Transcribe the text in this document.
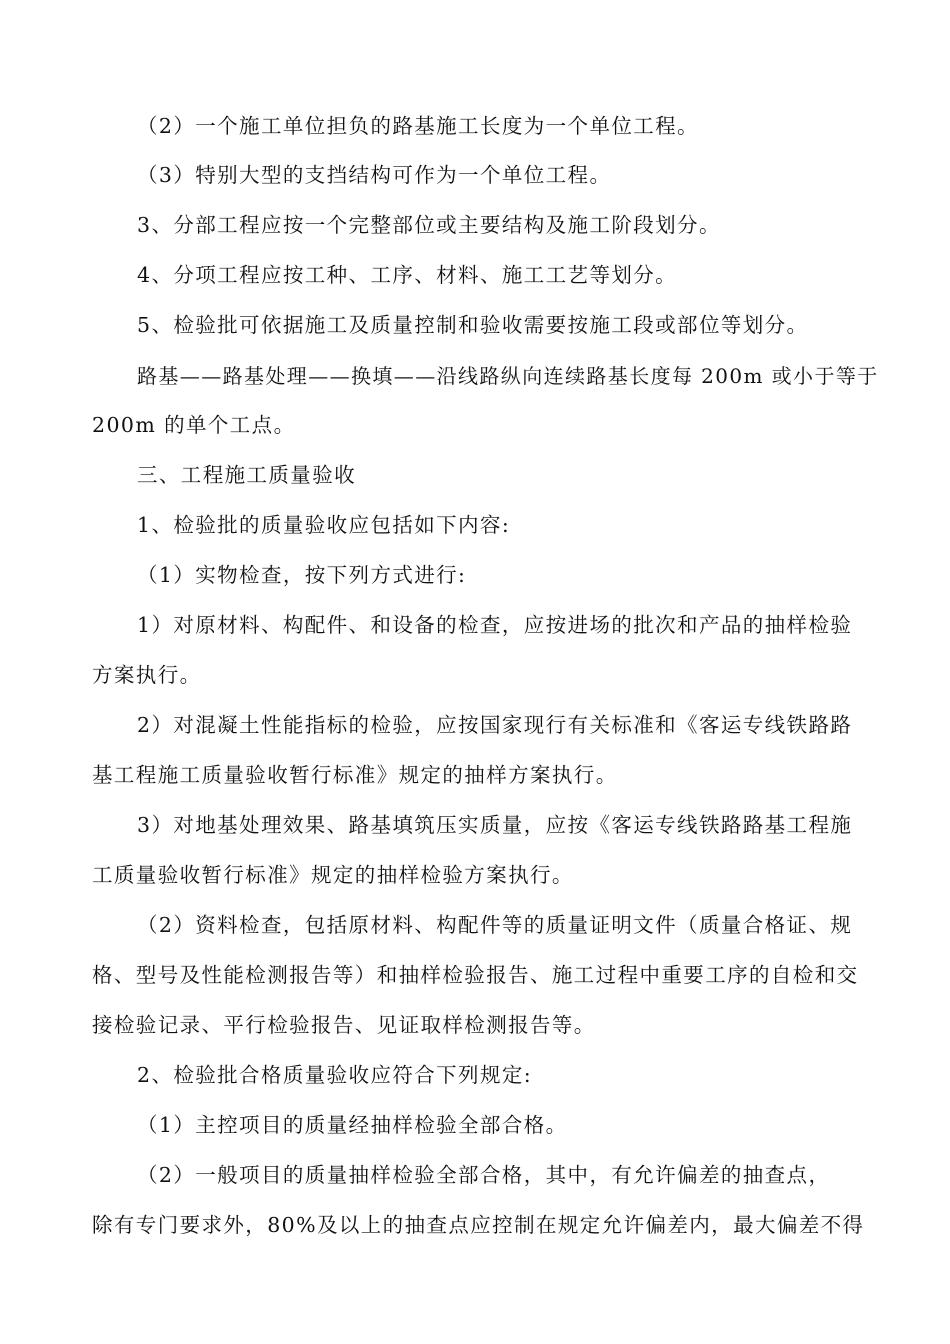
（2）一个施工单位担负的路基施工长度为一个单位工程。
（3）特别大型的支挡结构可作为一个单位工程。
3、分部工程应按一个完整部位或主要结构及施工阶段划分。
4、分项工程应按工种、工序、材料、施工工艺等划分。
5、检验批可依据施工及质量控制和验收需要按施工段或部位等划分。
路基——路基处理——换填——沿线路纵向连续路基长度每 200m 或小于等于
200m 的单个工点。
三、工程施工质量验收
1、检验批的质量验收应包括如下内容:
（1）实物检查，按下列方式进行:
1）对原材料、构配件、和设备的检查，应按进场的批次和产品的抽样检验
方案执行。
2）对混凝土性能指标的检验，应按国家现行有关标准和《客运专线铁路路
基工程施工质量验收暂行标准》规定的抽样方案执行。
3）对地基处理效果、路基填筑压实质量，应按《客运专线铁路路基工程施
工质量验收暂行标准》规定的抽样检验方案执行。
（2）资料检查，包括原材料、构配件等的质量证明文件（质量合格证、规
格、型号及性能检测报告等）和抽样检验报告、施工过程中重要工序的自检和交
接检验记录、平行检验报告、见证取样检测报告等。
2、检验批合格质量验收应符合下列规定:
（1）主控项目的质量经抽样检验全部合格。
（2）一般项目的质量抽样检验全部合格，其中，有允许偏差的抽查点，
除有专门要求外，80%及以上的抽查点应控制在规定允许偏差内，最大偏差不得
